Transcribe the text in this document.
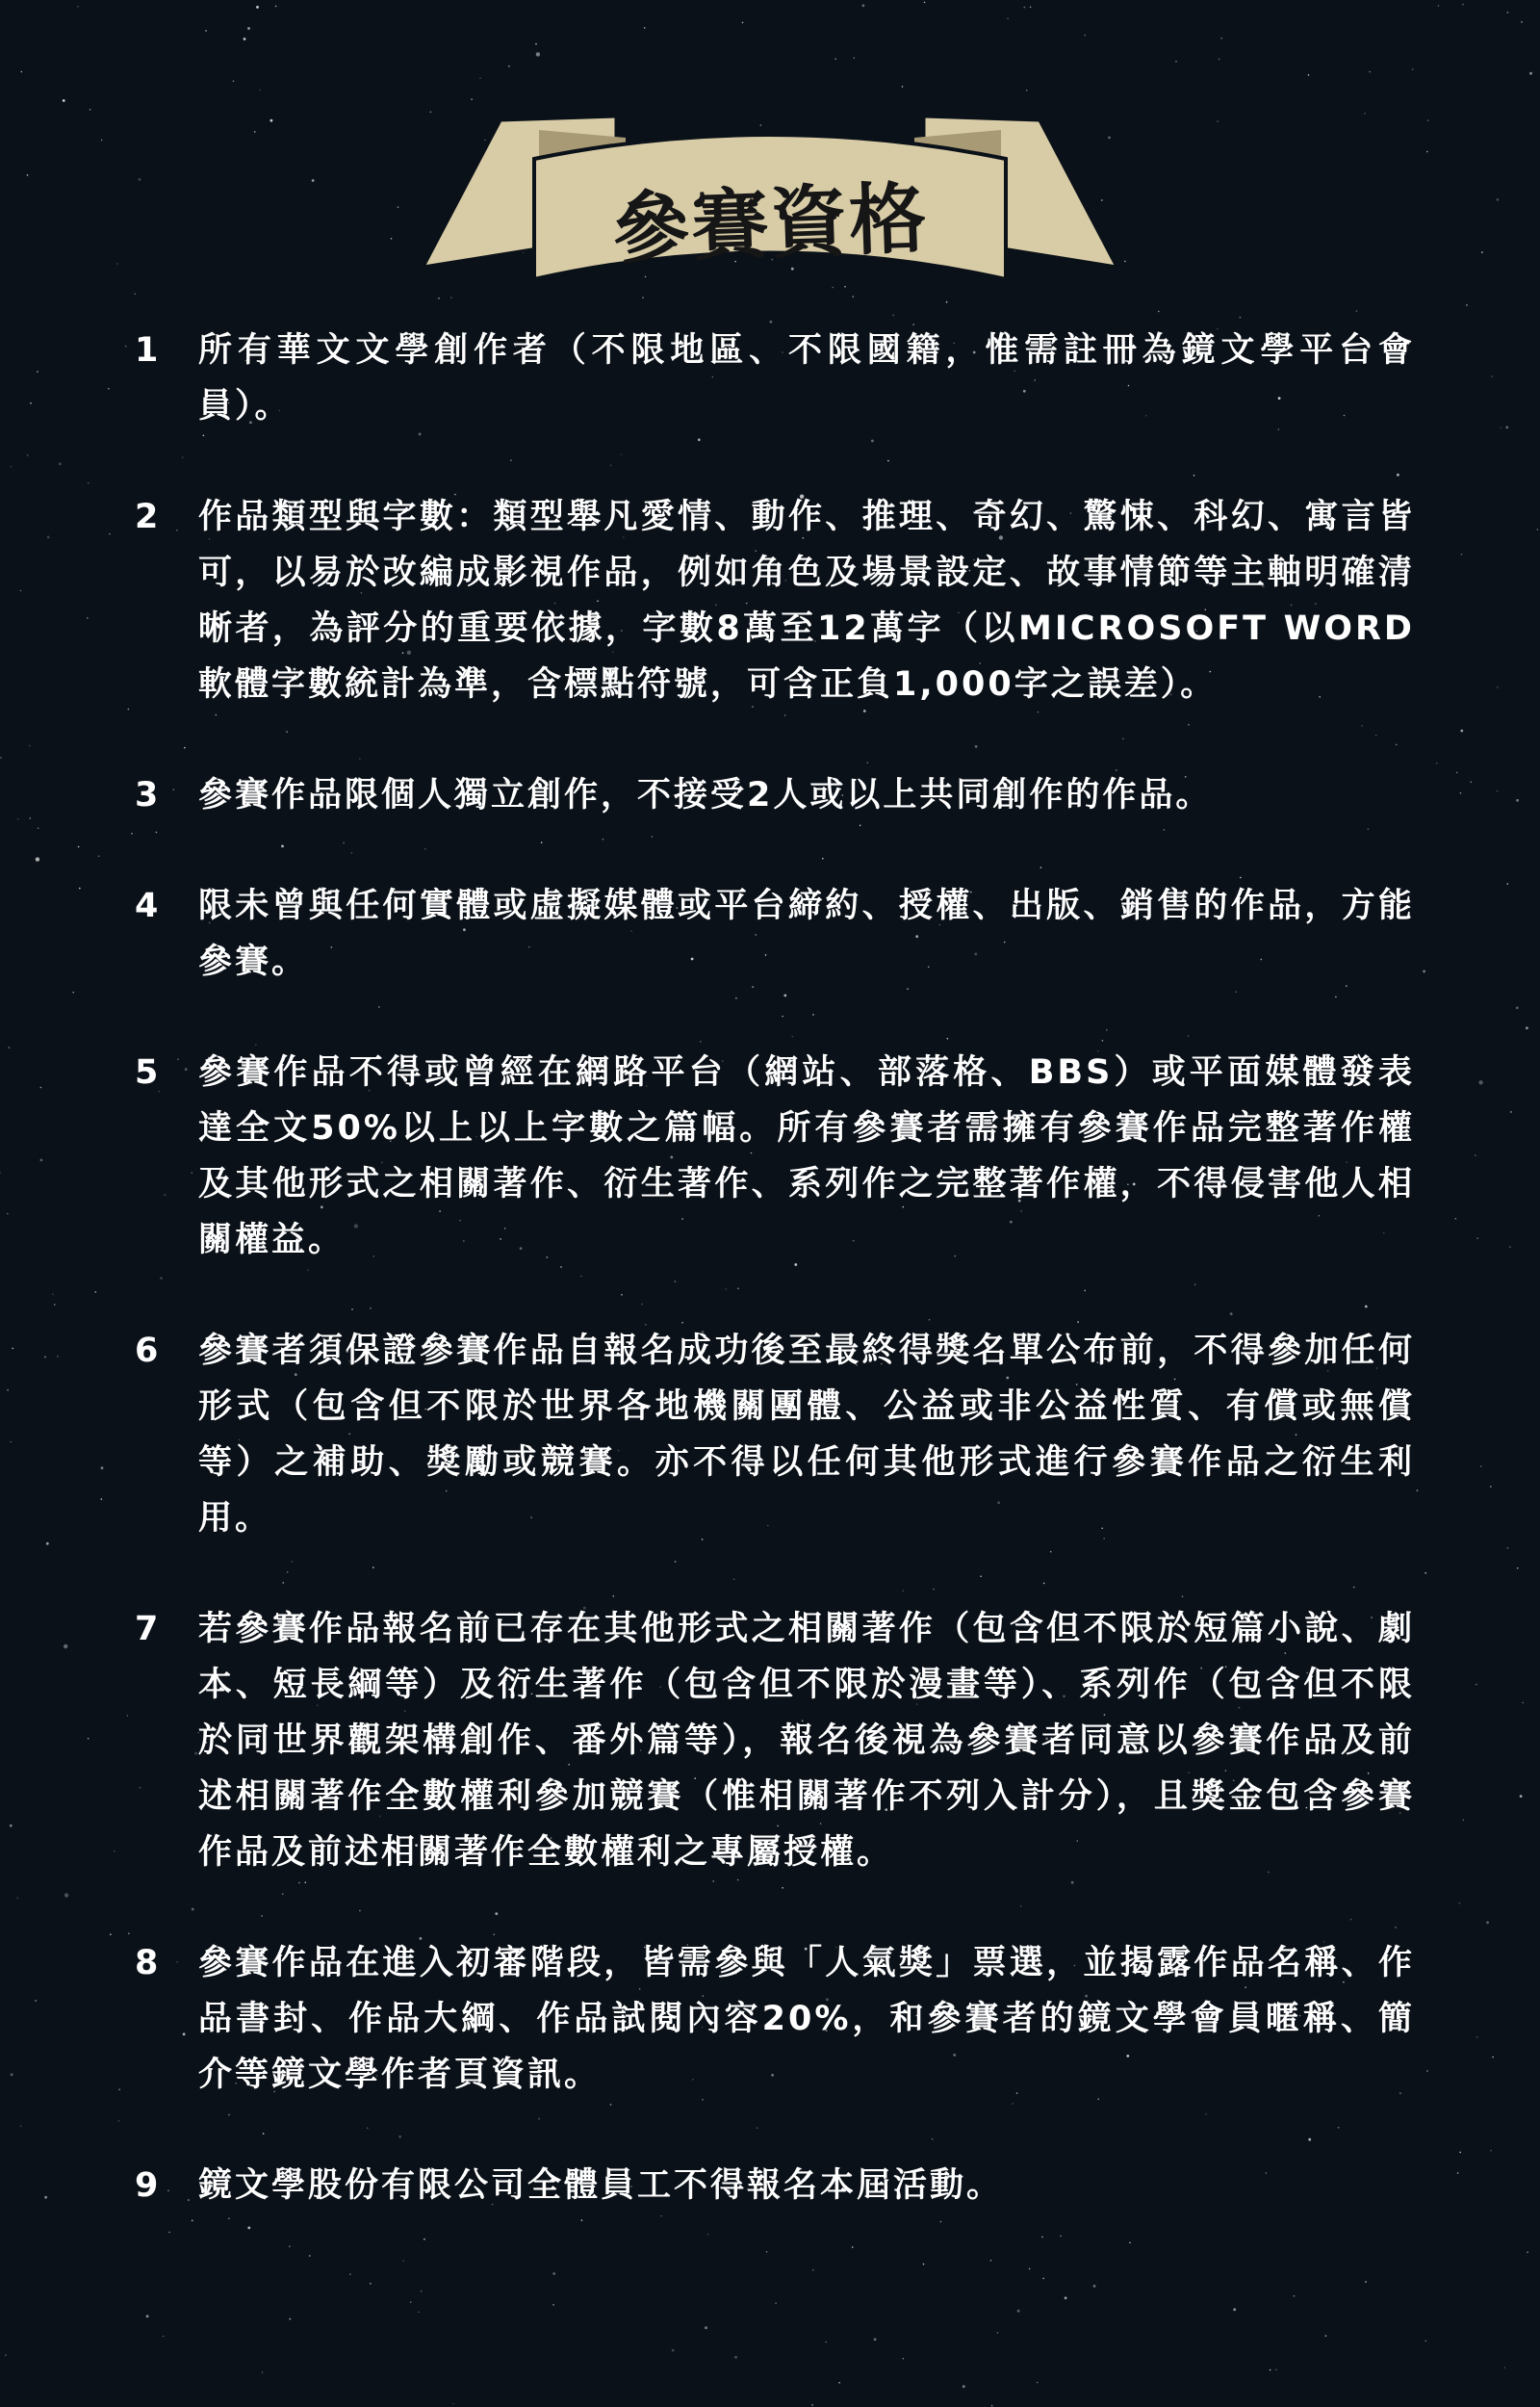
參賽資格
1	所有華文文學創作者（不限地區、不限國籍，惟需註冊為鏡文學平台會員）。
2	作品類型與字數：類型舉凡愛情、動作、推理、奇幻、驚悚、科幻、寓言皆可，以易於改編成影視作品，例如角色及場景設定、故事情節等主軸明確清晰者，為評分的重要依據，字數8萬至12萬字（以MICROSOFT WORD軟體字數統計為準，含標點符號，可含正負1,000字之誤差）。
3	參賽作品限個人獨立創作，不接受2人或以上共同創作的作品。
4	限未曾與任何實體或虛擬媒體或平台締約、授權、出版、銷售的作品，方能參賽。
5	參賽作品不得或曾經在網路平台（網站、部落格、BBS）或平面媒體發表達全文50%以上以上字數之篇幅。所有參賽者需擁有參賽作品完整著作權及其他形式之相關著作、衍生著作、系列作之完整著作權，不得侵害他人相關權益。
6	參賽者須保證參賽作品自報名成功後至最終得獎名單公布前，不得參加任何形式（包含但不限於世界各地機關團體、公益或非公益性質、有償或無償等）之補助、獎勵或競賽。亦不得以任何其他形式進行參賽作品之衍生利用。
7	若參賽作品報名前已存在其他形式之相關著作（包含但不限於短篇小說、劇本、短長綱等）及衍生著作（包含但不限於漫畫等）、系列作（包含但不限於同世界觀架構創作、番外篇等），報名後視為參賽者同意以參賽作品及前述相關著作全數權利參加競賽（惟相關著作不列入計分），且獎金包含參賽作品及前述相關著作全數權利之專屬授權。
8	參賽作品在進入初審階段，皆需參與「人氣獎」票選，並揭露作品名稱、作品書封、作品大綱、作品試閱內容20%，和參賽者的鏡文學會員暱稱、簡介等鏡文學作者頁資訊。
9	鏡文學股份有限公司全體員工不得報名本屆活動。
